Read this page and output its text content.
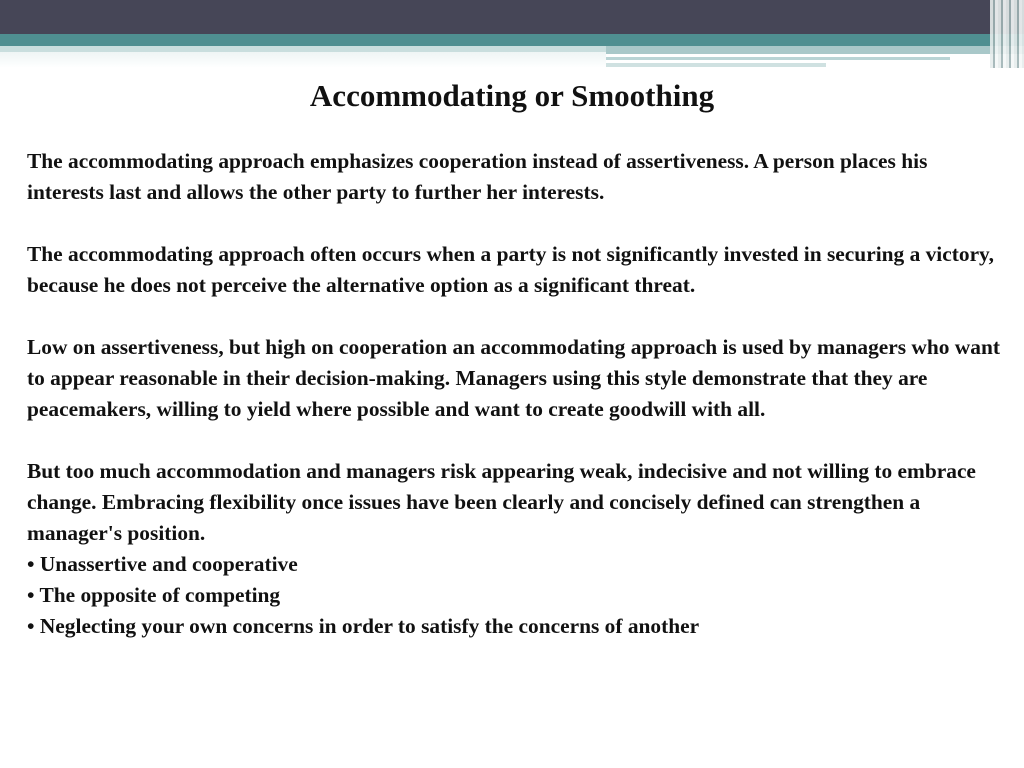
Accommodating or Smoothing

The accommodating approach emphasizes cooperation instead of assertiveness. A person places his interests last and allows the other party to further her interests.

The accommodating approach often occurs when a party is not significantly invested in securing a victory, because he does not perceive the alternative option as a significant threat.

Low on assertiveness, but high on cooperation an accommodating approach is used by managers who want to appear reasonable in their decision-making. Managers using this style demonstrate that they are peacemakers, willing to yield where possible and want to create goodwill with all.

But too much accommodation and managers risk appearing weak, indecisive and not willing to embrace change. Embracing flexibility once issues have been clearly and concisely defined can strengthen a manager's position.

• Unassertive and cooperative
• The opposite of competing
• Neglecting your own concerns in order to satisfy the concerns of another
